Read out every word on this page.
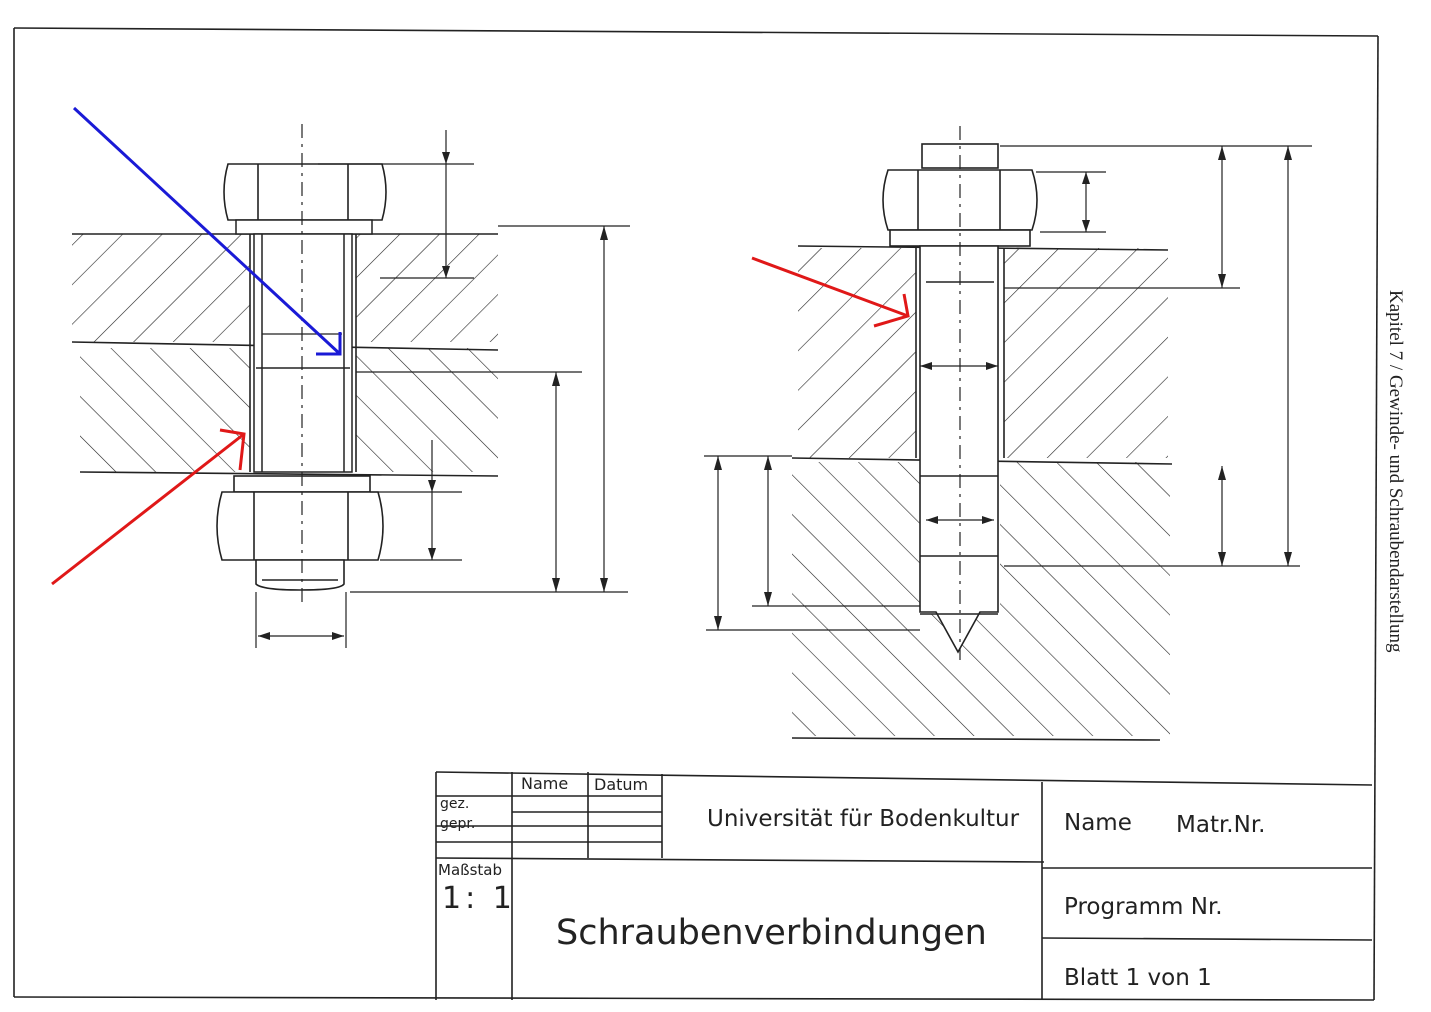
Name Datum
gez.
gepr.	Universität für Bodenkultur Name Matr.Nr.
Maßstab
1: 1
Schraubenverbindungen
Programm Nr.
Blatt 1 von 1
Kapitel 7 / Gewinde- und Schraubendarstellung
